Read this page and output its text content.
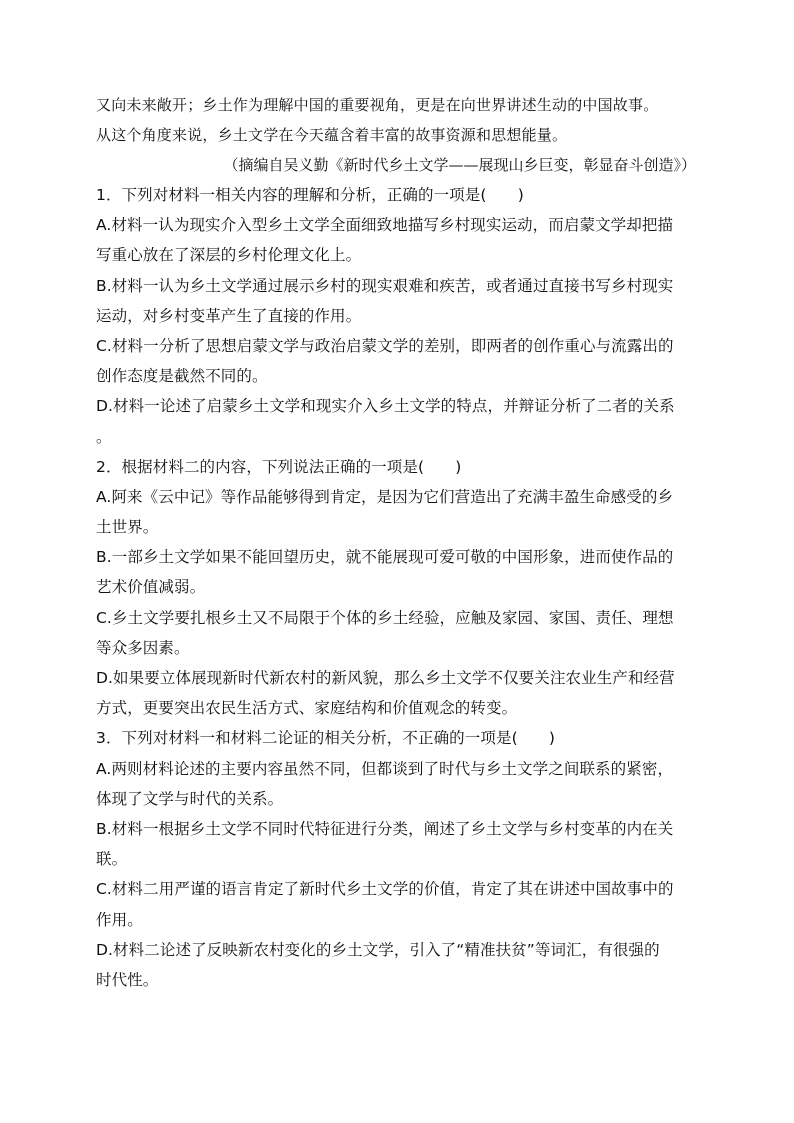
又向未来敞开；乡土作为理解中国的重要视角，更是在向世界讲述生动的中国故事。
从这个角度来说，乡土文学在今天蕴含着丰富的故事资源和思想能量。
（摘编自吴义勤《新时代乡土文学——展现山乡巨变，彰显奋斗创造》）
1．下列对材料一相关内容的理解和分析，正确的一项是(　　)
A.材料一认为现实介入型乡土文学全面细致地描写乡村现实运动，而启蒙文学却把描
写重心放在了深层的乡村伦理文化上。
B.材料一认为乡土文学通过展示乡村的现实艰难和疾苦，或者通过直接书写乡村现实
运动，对乡村变革产生了直接的作用。
C.材料一分析了思想启蒙文学与政治启蒙文学的差别，即两者的创作重心与流露出的
创作态度是截然不同的。
D.材料一论述了启蒙乡土文学和现实介入乡土文学的特点，并辩证分析了二者的关系
。
2．根据材料二的内容，下列说法正确的一项是(　　)
A.阿来《云中记》等作品能够得到肯定，是因为它们营造出了充满丰盈生命感受的乡
土世界。
B.一部乡土文学如果不能回望历史，就不能展现可爱可敬的中国形象，进而使作品的
艺术价值减弱。
C.乡土文学要扎根乡土又不局限于个体的乡土经验，应触及家园、家国、责任、理想
等众多因素。
D.如果要立体展现新时代新农村的新风貌，那么乡土文学不仅要关注农业生产和经营
方式，更要突出农民生活方式、家庭结构和价值观念的转变。
3．下列对材料一和材料二论证的相关分析，不正确的一项是(　　)
A.两则材料论述的主要内容虽然不同，但都谈到了时代与乡土文学之间联系的紧密，
体现了文学与时代的关系。
B.材料一根据乡土文学不同时代特征进行分类，阐述了乡土文学与乡村变革的内在关
联。
C.材料二用严谨的语言肯定了新时代乡土文学的价值，肯定了其在讲述中国故事中的
作用。
D.材料二论述了反映新农村变化的乡土文学，引入了“精准扶贫”等词汇，有很强的
时代性。
